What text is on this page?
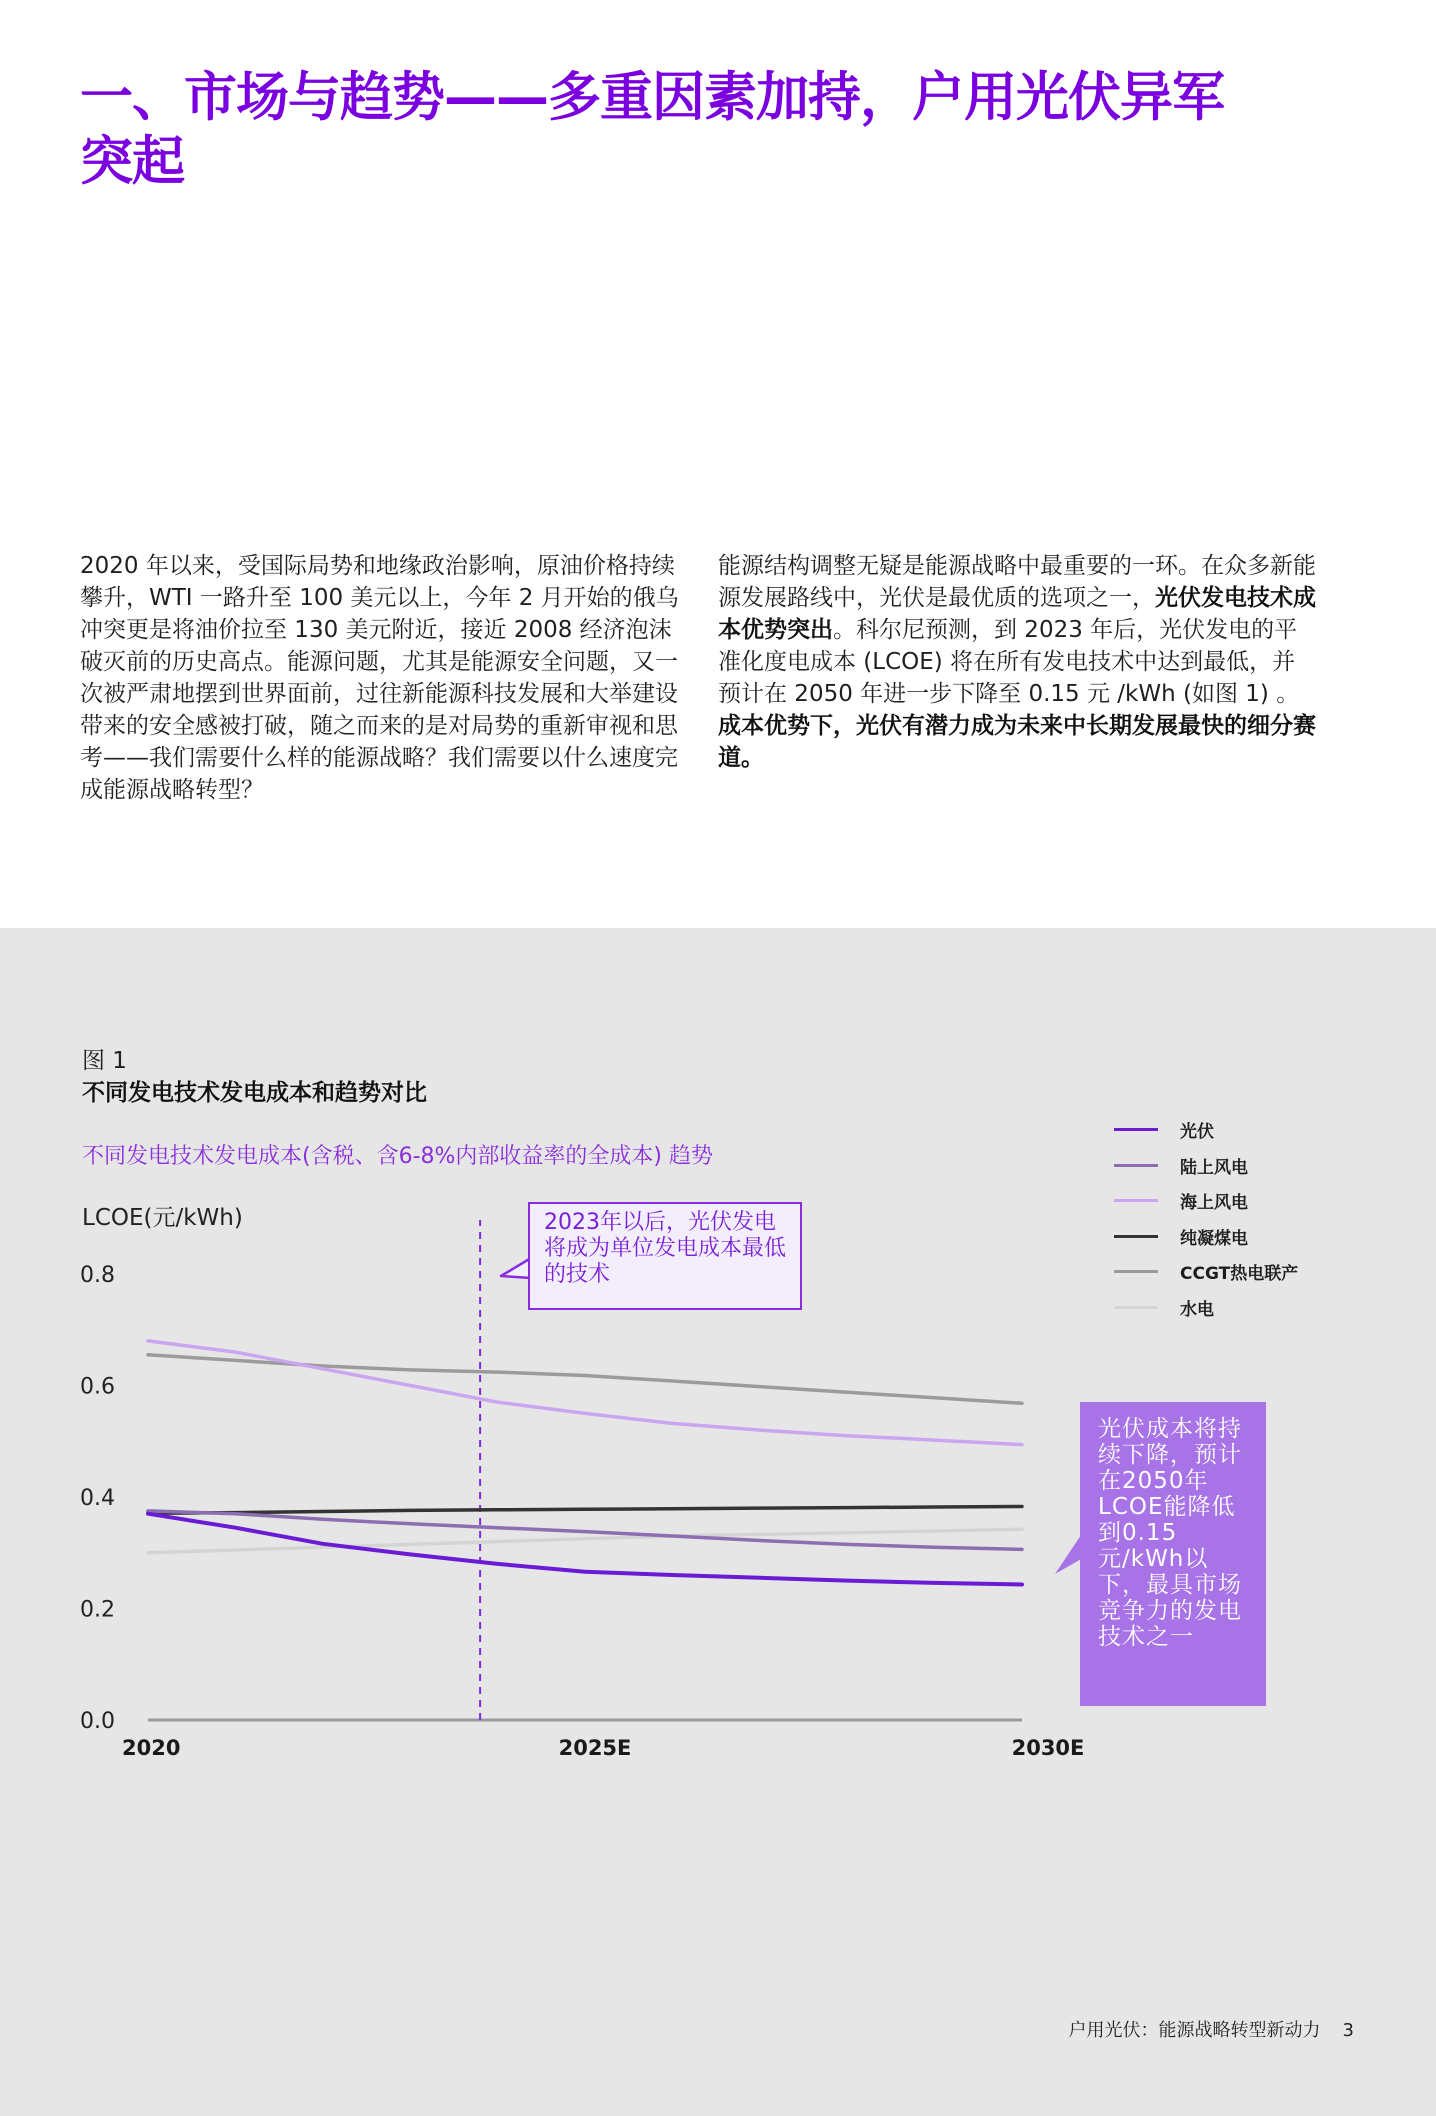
一、市场与趋势——多重因素加持，户用光伏异军突起

2020 年以来，受国际局势和地缘政治影响，原油价格持续攀升，WTI 一路升至 100 美元以上，今年 2 月开始的俄乌冲突更是将油价拉至 130 美元附近，接近 2008 经济泡沫破灭前的历史高点。能源问题，尤其是能源安全问题，又一次被严肃地摆到世界面前，过往新能源科技发展和大举建设带来的安全感被打破，随之而来的是对局势的重新审视和思考——我们需要什么样的能源战略？我们需要以什么速度完成能源战略转型？

能源结构调整无疑是能源战略中最重要的一环。在众多新能源发展路线中，光伏是最优质的选项之一，光伏发电技术成本优势突出。科尔尼预测，到 2023 年后，光伏发电的平准化度电成本 (LCOE) 将在所有发电技术中达到最低，并预计在 2050 年进一步下降至 0.15 元 /kWh (如图 1) 。成本优势下，光伏有潜力成为未来中长期发展最快的细分赛道。

图 1

不同发电技术发电成本和趋势对比

不同发电技术发电成本(含税、含6-8%内部收益率的全成本) 趋势

LCOE(元/kWh)

0.0
0.2
0.4
0.6
0.8
2020	2025E	2030E
光伏
陆上风电
海上风电
纯凝煤电
CCGT热电联产
水电
2023年以后，光伏发电将成为单位发电成本最低的技术
光伏成本将持续下降，预计在2050年LCOE能降低到0.15元/kWh以下，最具市场竞争力的发电技术之一

户用光伏：能源战略转型新动力 3
